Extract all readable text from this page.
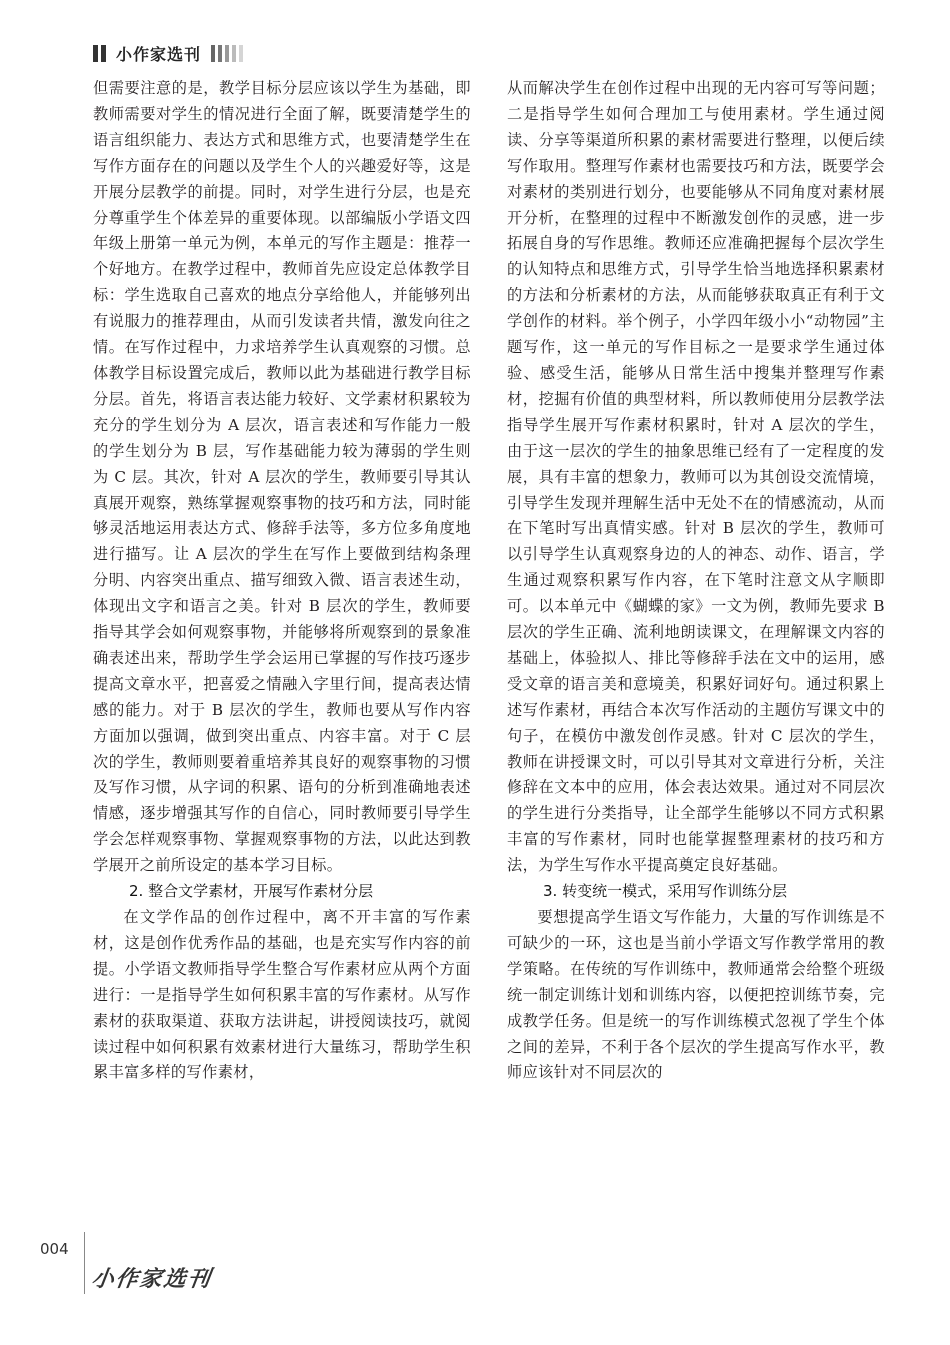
小作家选刊

但需要注意的是，教学目标分层应该以学生为基础，即教师需要对学生的情况进行全面了解，既要清楚学生的语言组织能力、表达方式和思维方式，也要清楚学生在写作方面存在的问题以及学生个人的兴趣爱好等，这是开展分层教学的前提。同时，对学生进行分层，也是充分尊重学生个体差异的重要体现。以部编版小学语文四年级上册第一单元为例，本单元的写作主题是：推荐一个好地方。在教学过程中，教师首先应设定总体教学目标：学生选取自己喜欢的地点分享给他人，并能够列出有说服力的推荐理由，从而引发读者共情，激发向往之情。在写作过程中，力求培养学生认真观察的习惯。总体教学目标设置完成后，教师以此为基础进行教学目标分层。首先，将语言表达能力较好、文学素材积累较为充分的学生划分为 A 层次，语言表述和写作能力一般的学生划分为 B 层，写作基础能力较为薄弱的学生则为 C 层。其次，针对 A 层次的学生，教师要引导其认真展开观察，熟练掌握观察事物的技巧和方法，同时能够灵活地运用表达方式、修辞手法等，多方位多角度地进行描写。让 A 层次的学生在写作上要做到结构条理分明、内容突出重点、描写细致入微、语言表述生动，体现出文字和语言之美。针对 B 层次的学生，教师要指导其学会如何观察事物，并能够将所观察到的景象准确表述出来，帮助学生学会运用已掌握的写作技巧逐步提高文章水平，把喜爱之情融入字里行间，提高表达情感的能力。对于 B 层次的学生，教师也要从写作内容方面加以强调，做到突出重点、内容丰富。对于 C 层次的学生，教师则要着重培养其良好的观察事物的习惯及写作习惯，从字词的积累、语句的分析到准确地表述情感，逐步增强其写作的自信心，同时教师要引导学生学会怎样观察事物、掌握观察事物的方法，以此达到教学展开之前所设定的基本学习目标。

2. 整合文学素材，开展写作素材分层

在文学作品的创作过程中，离不开丰富的写作素材，这是创作优秀作品的基础，也是充实写作内容的前提。小学语文教师指导学生整合写作素材应从两个方面进行：一是指导学生如何积累丰富的写作素材。从写作素材的获取渠道、获取方法讲起，讲授阅读技巧，就阅读过程中如何积累有效素材进行大量练习，帮助学生积累丰富多样的写作素材，

从而解决学生在创作过程中出现的无内容可写等问题；二是指导学生如何合理加工与使用素材。学生通过阅读、分享等渠道所积累的素材需要进行整理，以便后续写作取用。整理写作素材也需要技巧和方法，既要学会对素材的类别进行划分，也要能够从不同角度对素材展开分析，在整理的过程中不断激发创作的灵感，进一步拓展自身的写作思维。教师还应准确把握每个层次学生的认知特点和思维方式，引导学生恰当地选择积累素材的方法和分析素材的方法，从而能够获取真正有利于文学创作的材料。举个例子，小学四年级小小“动物园”主题写作，这一单元的写作目标之一是要求学生通过体验、感受生活，能够从日常生活中搜集并整理写作素材，挖掘有价值的典型材料，所以教师使用分层教学法指导学生展开写作素材积累时，针对 A 层次的学生，由于这一层次的学生的抽象思维已经有了一定程度的发展，具有丰富的想象力，教师可以为其创设交流情境，引导学生发现并理解生活中无处不在的情感流动，从而在下笔时写出真情实感。针对 B 层次的学生，教师可以引导学生认真观察身边的人的神态、动作、语言，学生通过观察积累写作内容，在下笔时注意文从字顺即可。以本单元中《蝴蝶的家》一文为例，教师先要求 B 层次的学生正确、流利地朗读课文，在理解课文内容的基础上，体验拟人、排比等修辞手法在文中的运用，感受文章的语言美和意境美，积累好词好句。通过积累上述写作素材，再结合本次写作活动的主题仿写课文中的句子，在模仿中激发创作灵感。针对 C 层次的学生，教师在讲授课文时，可以引导其对文章进行分析，关注修辞在文本中的应用，体会表达效果。通过对不同层次的学生进行分类指导，让全部学生能够以不同方式积累丰富的写作素材，同时也能掌握整理素材的技巧和方法，为学生写作水平提高奠定良好基础。

3. 转变统一模式，采用写作训练分层

要想提高学生语文写作能力，大量的写作训练是不可缺少的一环，这也是当前小学语文写作教学常用的教学策略。在传统的写作训练中，教师通常会给整个班级统一制定训练计划和训练内容，以便把控训练节奏，完成教学任务。但是统一的写作训练模式忽视了学生个体之间的差异，不利于各个层次的学生提高写作水平，教师应该针对不同层次的

004
小作家选刊
